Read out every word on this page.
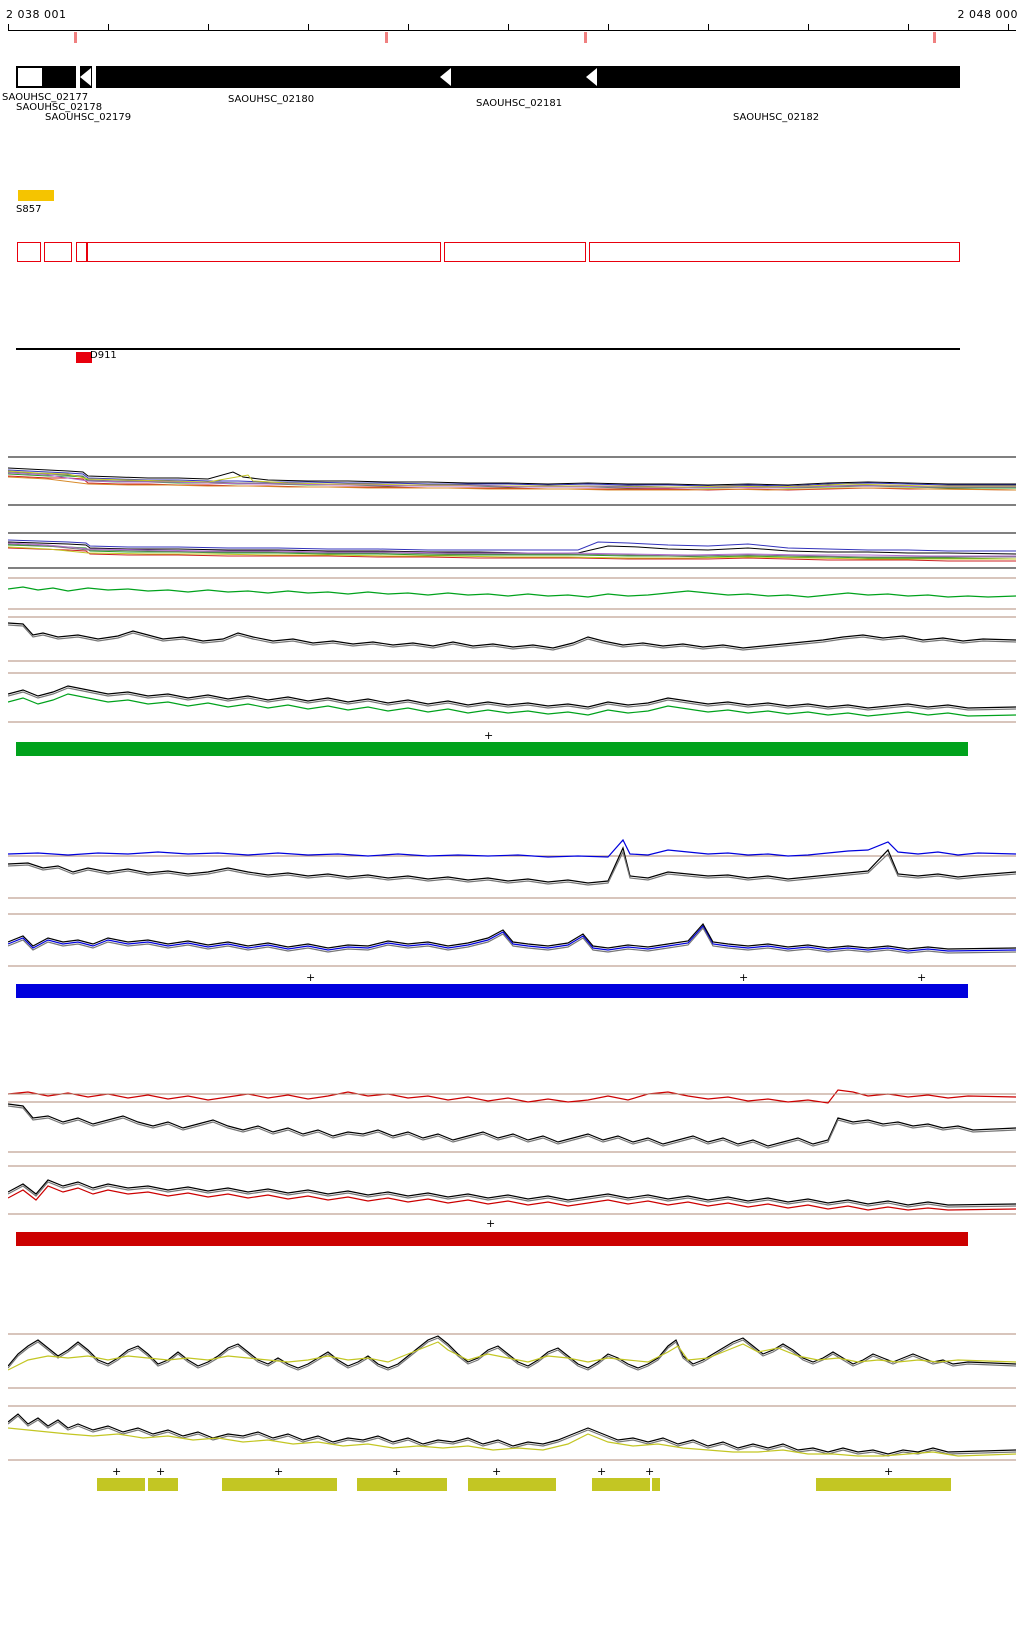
2 038 001	2 048 000
SAOUHSC_02177
SAOUHSC_02178
SAOUHSC_02179
SAOUHSC_02180	SAOUHSC_02181
SAOUHSC_02182
S857
D911
+
+	+	+
+
+	+	+	+	+	+	+	+
